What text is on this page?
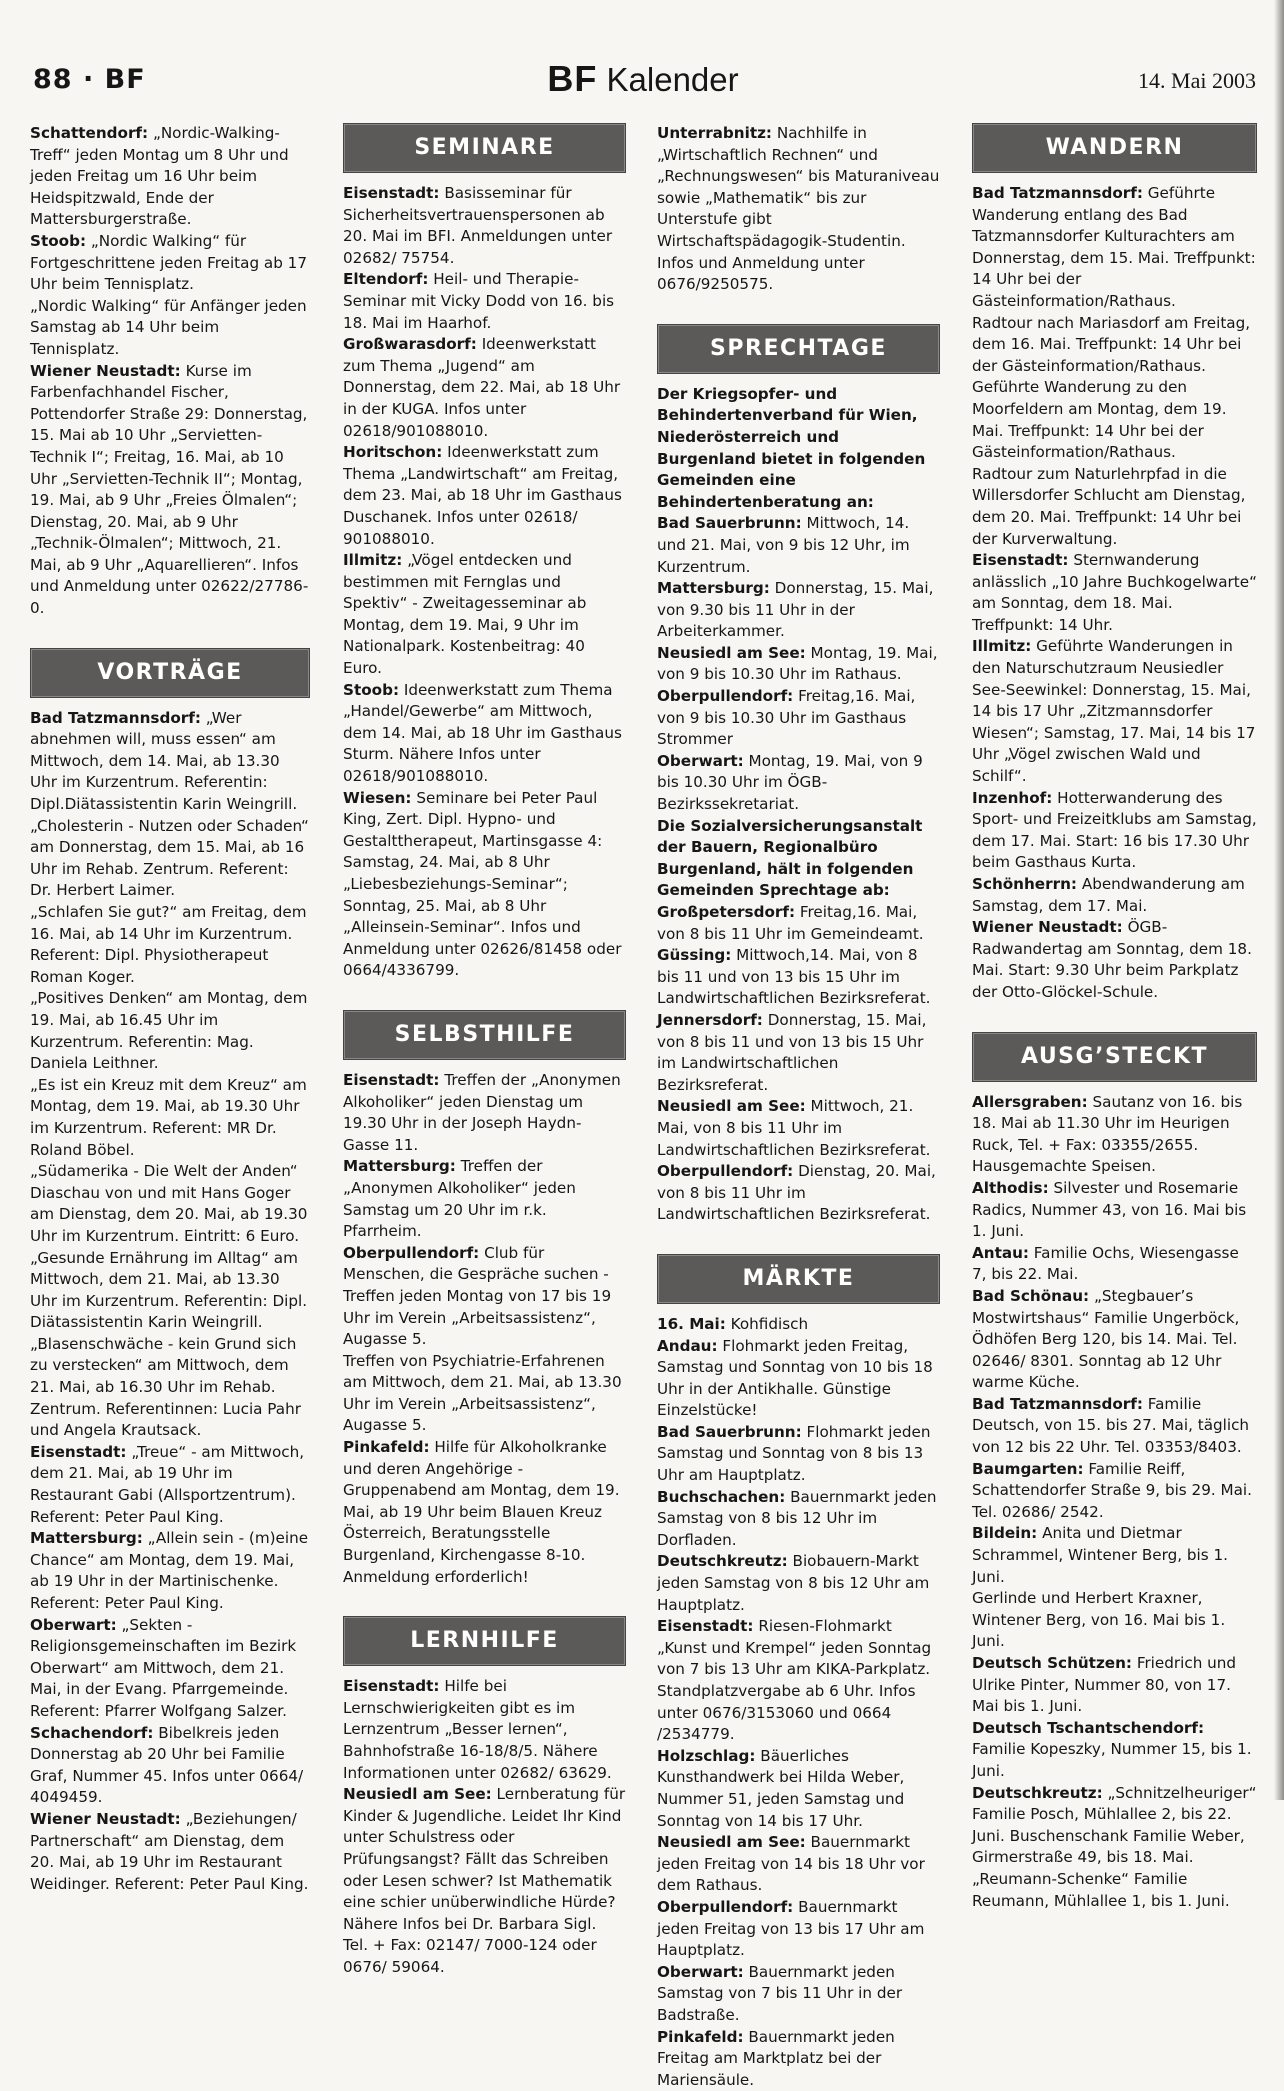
88 · BF	BF Kalender	14. Mai 2003

Schattendorf: „Nordic-Walking-Treff“ jeden Montag um 8 Uhr und jeden Freitag um 16 Uhr beim Heidspitzwald, Ende der Mattersburgerstraße.

Stoob: „Nordic Walking“ für Fortgeschrittene jeden Freitag ab 17 Uhr beim Tennisplatz.

„Nordic Walking“ für Anfänger jeden Samstag ab 14 Uhr beim Tennisplatz.

Wiener Neustadt: Kurse im Farbenfachhandel Fischer, Pottendorfer Straße 29: Donnerstag, 15. Mai ab 10 Uhr „Servietten-Technik I“; Freitag, 16. Mai, ab 10 Uhr „Servietten-Technik II“; Montag, 19. Mai, ab 9 Uhr „Freies Ölmalen“; Dienstag, 20. Mai, ab 9 Uhr „Technik-Ölmalen“; Mittwoch, 21. Mai, ab 9 Uhr „Aquarellieren“. Infos und Anmeldung unter 02622/27786-0.

VORTRÄGE

Bad Tatzmannsdorf: „Wer abnehmen will, muss essen“ am Mittwoch, dem 14. Mai, ab 13.30 Uhr im Kurzentrum. Referentin: Dipl.Diätassistentin Karin Weingrill.

„Cholesterin - Nutzen oder Schaden“ am Donnerstag, dem 15. Mai, ab 16 Uhr im Rehab. Zentrum. Referent: Dr. Herbert Laimer.

„Schlafen Sie gut?“ am Freitag, dem 16. Mai, ab 14 Uhr im Kurzentrum. Referent: Dipl. Physiotherapeut Roman Koger.

„Positives Denken“ am Montag, dem 19. Mai, ab 16.45 Uhr im Kurzentrum. Referentin: Mag. Daniela Leithner.

„Es ist ein Kreuz mit dem Kreuz“ am Montag, dem 19. Mai, ab 19.30 Uhr im Kurzentrum. Referent: MR Dr. Roland Böbel.

„Südamerika - Die Welt der Anden“ Diaschau von und mit Hans Goger am Dienstag, dem 20. Mai, ab 19.30 Uhr im Kurzentrum. Eintritt: 6 Euro.

„Gesunde Ernährung im Alltag“ am Mittwoch, dem 21. Mai, ab 13.30 Uhr im Kurzentrum. Referentin: Dipl. Diätassistentin Karin Weingrill.

„Blasenschwäche - kein Grund sich zu verstecken“ am Mittwoch, dem 21. Mai, ab 16.30 Uhr im Rehab. Zentrum. Referentinnen: Lucia Pahr und Angela Krautsack.

Eisenstadt: „Treue“ - am Mittwoch, dem 21. Mai, ab 19 Uhr im Restaurant Gabi (Allsportzentrum). Referent: Peter Paul King.

Mattersburg: „Allein sein - (m)eine Chance“ am Montag, dem 19. Mai, ab 19 Uhr in der Martinischenke. Referent: Peter Paul King.

Oberwart: „Sekten - Religionsgemeinschaften im Bezirk Oberwart“ am Mittwoch, dem 21. Mai, in der Evang. Pfarrgemeinde. Referent: Pfarrer Wolfgang Salzer.

Schachendorf: Bibelkreis jeden Donnerstag ab 20 Uhr bei Familie Graf, Nummer 45. Infos unter 0664/ 4049459.

Wiener Neustadt: „Beziehungen/ Partnerschaft“ am Dienstag, dem 20. Mai, ab 19 Uhr im Restaurant Weidinger. Referent: Peter Paul King.

SEMINARE

Eisenstadt: Basisseminar für Sicherheitsvertrauenspersonen ab 20. Mai im BFI. Anmeldungen unter 02682/ 75754.

Eltendorf: Heil- und Therapie-Seminar mit Vicky Dodd von 16. bis 18. Mai im Haarhof.

Großwarasdorf: Ideenwerkstatt zum Thema „Jugend“ am Donnerstag, dem 22. Mai, ab 18 Uhr in der KUGA. Infos unter 02618/901088010.

Horitschon: Ideenwerkstatt zum Thema „Landwirtschaft“ am Freitag, dem 23. Mai, ab 18 Uhr im Gasthaus Duschanek. Infos unter 02618/ 901088010.

Illmitz: „Vögel entdecken und bestimmen mit Fernglas und Spektiv“ - Zweitagesseminar ab Montag, dem 19. Mai, 9 Uhr im Nationalpark. Kostenbeitrag: 40 Euro.

Stoob: Ideenwerkstatt zum Thema „Handel/Gewerbe“ am Mittwoch, dem 14. Mai, ab 18 Uhr im Gasthaus Sturm. Nähere Infos unter 02618/901088010.

Wiesen: Seminare bei Peter Paul King, Zert. Dipl. Hypno- und Gestalttherapeut, Martinsgasse 4: Samstag, 24. Mai, ab 8 Uhr „Liebesbeziehungs-Seminar“; Sonntag, 25. Mai, ab 8 Uhr „Alleinsein-Seminar“. Infos und Anmeldung unter 02626/81458 oder 0664/4336799.

SELBSTHILFE

Eisenstadt: Treffen der „Anonymen Alkoholiker“ jeden Dienstag um 19.30 Uhr in der Joseph Haydn-Gasse 11.

Mattersburg: Treffen der „Anonymen Alkoholiker“ jeden Samstag um 20 Uhr im r.k. Pfarrheim.

Oberpullendorf: Club für Menschen, die Gespräche suchen - Treffen jeden Montag von 17 bis 19 Uhr im Verein „Arbeitsassistenz“, Augasse 5.

Treffen von Psychiatrie-Erfahrenen am Mittwoch, dem 21. Mai, ab 13.30 Uhr im Verein „Arbeitsassistenz“, Augasse 5.

Pinkafeld: Hilfe für Alkoholkranke und deren Angehörige - Gruppenabend am Montag, dem 19. Mai, ab 19 Uhr beim Blauen Kreuz Österreich, Beratungsstelle Burgenland, Kirchengasse 8-10. Anmeldung erforderlich!

LERNHILFE

Eisenstadt: Hilfe bei Lernschwierigkeiten gibt es im Lernzentrum „Besser lernen“, Bahnhofstraße 16-18/8/5. Nähere Informationen unter 02682/ 63629.

Neusiedl am See: Lernberatung für Kinder & Jugendliche. Leidet Ihr Kind unter Schulstress oder Prüfungsangst? Fällt das Schreiben oder Lesen schwer? Ist Mathematik eine schier unüberwindliche Hürde? Nähere Infos bei Dr. Barbara Sigl. Tel. + Fax: 02147/ 7000-124 oder 0676/ 59064.

Unterrabnitz: Nachhilfe in „Wirtschaftlich Rechnen“ und „Rechnungswesen“ bis Maturaniveau sowie „Mathematik“ bis zur Unterstufe gibt Wirtschaftspädagogik-Studentin. Infos und Anmeldung unter 0676/9250575.

SPRECHTAGE

Der Kriegsopfer- und Behindertenverband für Wien, Niederösterreich und Burgenland bietet in folgenden Gemeinden eine Behindertenberatung an:

Bad Sauerbrunn: Mittwoch, 14. und 21. Mai, von 9 bis 12 Uhr, im Kurzentrum.

Mattersburg: Donnerstag, 15. Mai, von 9.30 bis 11 Uhr in der Arbeiterkammer.

Neusiedl am See: Montag, 19. Mai, von 9 bis 10.30 Uhr im Rathaus.

Oberpullendorf: Freitag,16. Mai, von 9 bis 10.30 Uhr im Gasthaus Strommer

Oberwart: Montag, 19. Mai, von 9 bis 10.30 Uhr im ÖGB-Bezirkssekretariat.

Die Sozialversicherungsanstalt der Bauern, Regionalbüro Burgenland, hält in folgenden Gemeinden Sprechtage ab:

Großpetersdorf: Freitag,16. Mai, von 8 bis 11 Uhr im Gemeindeamt.

Güssing: Mittwoch,14. Mai, von 8 bis 11 und von 13 bis 15 Uhr im Landwirtschaftlichen Bezirksreferat.

Jennersdorf: Donnerstag, 15. Mai, von 8 bis 11 und von 13 bis 15 Uhr im Landwirtschaftlichen Bezirksreferat.

Neusiedl am See: Mittwoch, 21. Mai, von 8 bis 11 Uhr im Landwirtschaftlichen Bezirksreferat.

Oberpullendorf: Dienstag, 20. Mai, von 8 bis 11 Uhr im Landwirtschaftlichen Bezirksreferat.

MÄRKTE

16. Mai: Kohfidisch

Andau: Flohmarkt jeden Freitag, Samstag und Sonntag von 10 bis 18 Uhr in der Antikhalle. Günstige Einzelstücke!

Bad Sauerbrunn: Flohmarkt jeden Samstag und Sonntag von 8 bis 13 Uhr am Hauptplatz.

Buchschachen: Bauernmarkt jeden Samstag von 8 bis 12 Uhr im Dorfladen.

Deutschkreutz: Biobauern-Markt jeden Samstag von 8 bis 12 Uhr am Hauptplatz.

Eisenstadt: Riesen-Flohmarkt „Kunst und Krempel“ jeden Sonntag von 7 bis 13 Uhr am KIKA-Parkplatz. Standplatzvergabe ab 6 Uhr. Infos unter 0676/3153060 und 0664 /2534779.

Holzschlag: Bäuerliches Kunsthandwerk bei Hilda Weber, Nummer 51, jeden Samstag und Sonntag von 14 bis 17 Uhr.

Neusiedl am See: Bauernmarkt jeden Freitag von 14 bis 18 Uhr vor dem Rathaus.

Oberpullendorf: Bauernmarkt jeden Freitag von 13 bis 17 Uhr am Hauptplatz.

Oberwart: Bauernmarkt jeden Samstag von 7 bis 11 Uhr in der Badstraße.

Pinkafeld: Bauernmarkt jeden Freitag am Marktplatz bei der Mariensäule.

WANDERN

Bad Tatzmannsdorf: Geführte Wanderung entlang des Bad Tatzmannsdorfer Kulturachters am Donnerstag, dem 15. Mai. Treffpunkt: 14 Uhr bei der Gästeinformation/Rathaus.

Radtour nach Mariasdorf am Freitag, dem 16. Mai. Treffpunkt: 14 Uhr bei der Gästeinformation/Rathaus.

Geführte Wanderung zu den Moorfeldern am Montag, dem 19. Mai. Treffpunkt: 14 Uhr bei der Gästeinformation/Rathaus.

Radtour zum Naturlehrpfad in die Willersdorfer Schlucht am Dienstag, dem 20. Mai. Treffpunkt: 14 Uhr bei der Kurverwaltung.

Eisenstadt: Sternwanderung anlässlich „10 Jahre Buchkogelwarte“ am Sonntag, dem 18. Mai. Treffpunkt: 14 Uhr.

Illmitz: Geführte Wanderungen in den Naturschutzraum Neusiedler See-Seewinkel: Donnerstag, 15. Mai, 14 bis 17 Uhr „Zitzmannsdorfer Wiesen“; Samstag, 17. Mai, 14 bis 17 Uhr „Vögel zwischen Wald und Schilf“.

Inzenhof: Hotterwanderung des Sport- und Freizeitklubs am Samstag, dem 17. Mai. Start: 16 bis 17.30 Uhr beim Gasthaus Kurta.

Schönherrn: Abendwanderung am Samstag, dem 17. Mai.

Wiener Neustadt: ÖGB-Radwandertag am Sonntag, dem 18. Mai. Start: 9.30 Uhr beim Parkplatz der Otto-Glöckel-Schule.

AUSG’STECKT

Allersgraben: Sautanz von 16. bis 18. Mai ab 11.30 Uhr im Heurigen Ruck, Tel. + Fax: 03355/2655. Hausgemachte Speisen.

Althodis: Silvester und Rosemarie Radics, Nummer 43, von 16. Mai bis 1. Juni.

Antau: Familie Ochs, Wiesengasse 7, bis 22. Mai.

Bad Schönau: „Stegbauer’s Mostwirtshaus“ Familie Ungerböck, Ödhöfen Berg 120, bis 14. Mai. Tel. 02646/ 8301. Sonntag ab 12 Uhr warme Küche.

Bad Tatzmannsdorf: Familie Deutsch, von 15. bis 27. Mai, täglich von 12 bis 22 Uhr. Tel. 03353/8403.

Baumgarten: Familie Reiff, Schattendorfer Straße 9, bis 29. Mai. Tel. 02686/ 2542.

Bildein: Anita und Dietmar Schrammel, Wintener Berg, bis 1. Juni.

Gerlinde und Herbert Kraxner, Wintener Berg, von 16. Mai bis 1. Juni.

Deutsch Schützen: Friedrich und Ulrike Pinter, Nummer 80, von 17. Mai bis 1. Juni.

Deutsch Tschantschendorf: Familie Kopeszky, Nummer 15, bis 1. Juni.

Deutschkreutz: „Schnitzelheuriger“ Familie Posch, Mühlallee 2, bis 22. Juni. Buschenschank Familie Weber, Girmerstraße 49, bis 18. Mai.

„Reumann-Schenke“ Familie Reumann, Mühlallee 1, bis 1. Juni.
